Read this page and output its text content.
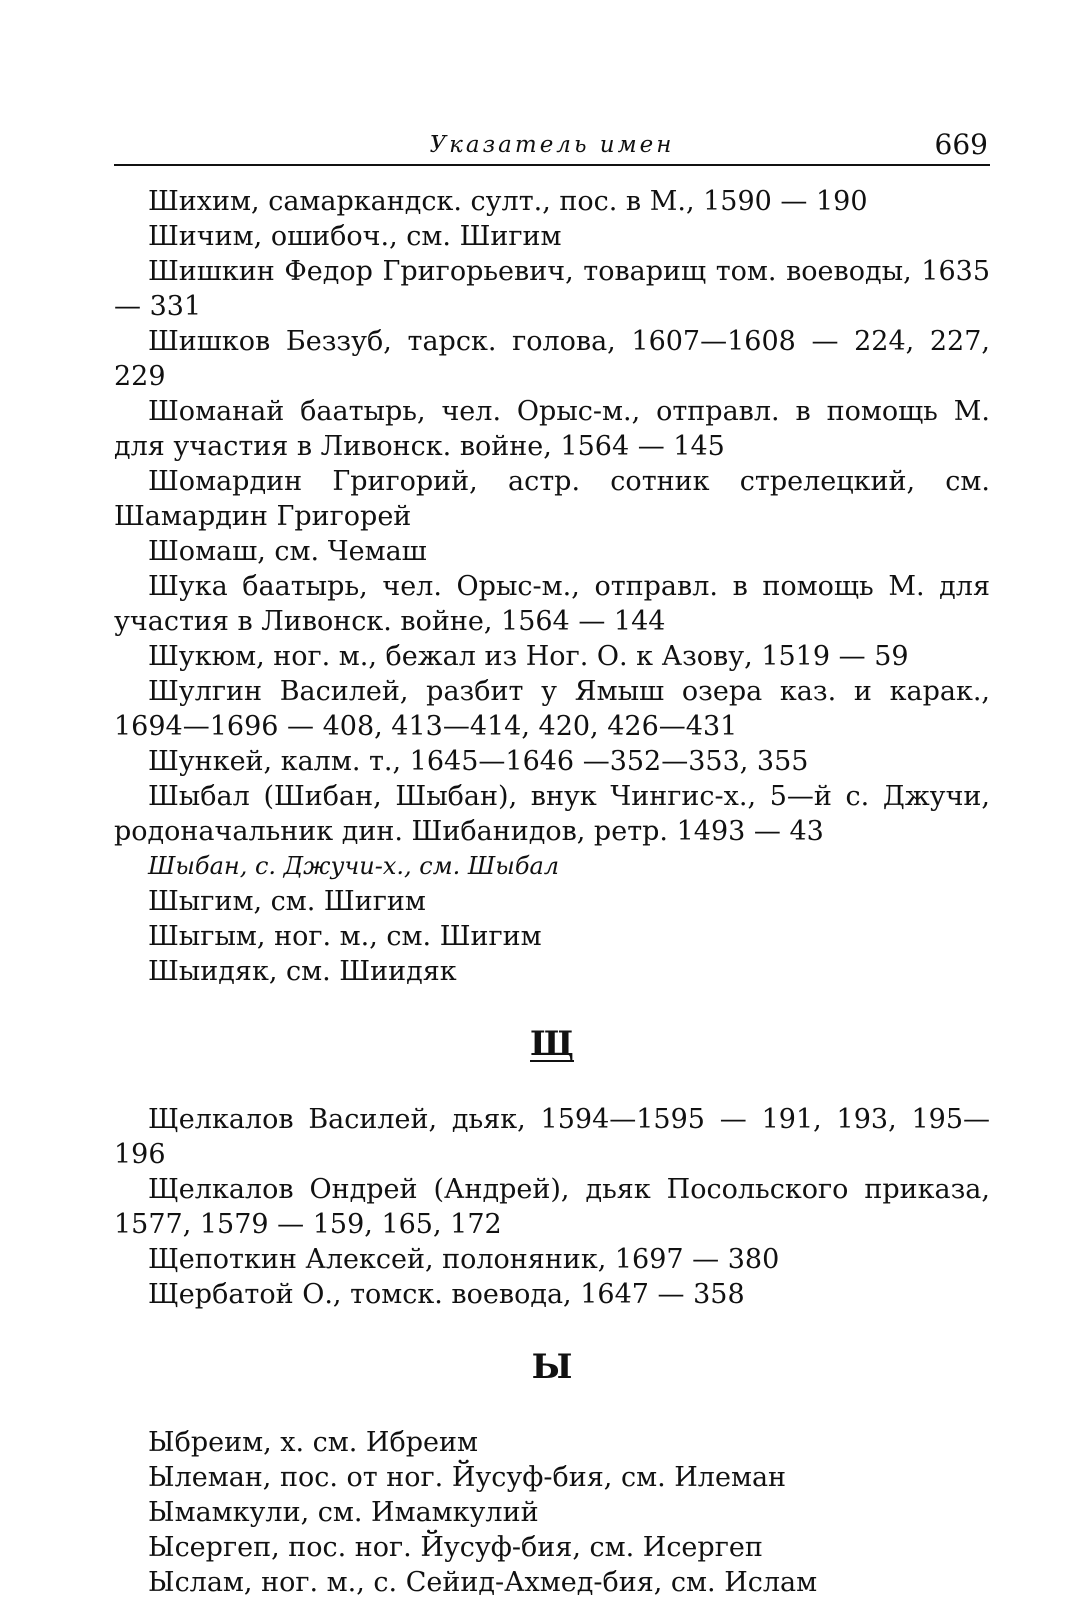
Указатель имен	669

Шихим, самаркандск. султ., пос. в М., 1590 — 190

Шичим, ошибоч., см. Шигим

Шишкин Федор Григорьевич, товарищ том. воеводы, 1635 — 331

Шишков Беззуб, тарск. голова, 1607—1608 — 224, 227, 229

Шоманай баатырь, чел. Орыс-м., отправл. в помощь М. для участия в Ливонск. войне, 1564 — 145

Шомардин Григорий, астр. сотник стрелецкий, см. Шамардин Григорей

Шомаш, см. Чемаш

Шука баатырь, чел. Орыс-м., отправл. в помощь М. для участия в Ливонск. войне, 1564 — 144

Шукюм, ног. м., бежал из Ног. О. к Азову, 1519 — 59

Шулгин Василей, разбит у Ямыш озера каз. и карак., 1694—1696 — 408, 413—414, 420, 426—431

Шункей, калм. т., 1645—1646 —352—353, 355

Шыбал (Шибан, Шыбан), внук Чингис-х., 5—й с. Джучи, родоначальник дин. Шибанидов, ретр. 1493 — 43

Шыбан, с. Джучи-х., см. Шыбал

Шыгим, см. Шигим

Шыгым, ног. м., см. Шигим

Шыидяк, см. Шиидяк

Щ

Щелкалов Василей, дьяк, 1594—1595 — 191, 193, 195—196

Щелкалов Ондрей (Андрей), дьяк Посольского приказа, 1577, 1579 — 159, 165, 172

Щепоткин Алексей, полоняник, 1697 — 380

Щербатой О., томск. воевода, 1647 — 358

Ы

Ыбреим, х. см. Ибреим

Ылеман, пос. от ног. Йусуф-бия, см. Илеман

Ымамкули, см. Имамкулий

Ысергеп, пос. ног. Йусуф-бия, см. Исергеп

Ыслам, ног. м., с. Сейид-Ахмед-бия, см. Ислам
